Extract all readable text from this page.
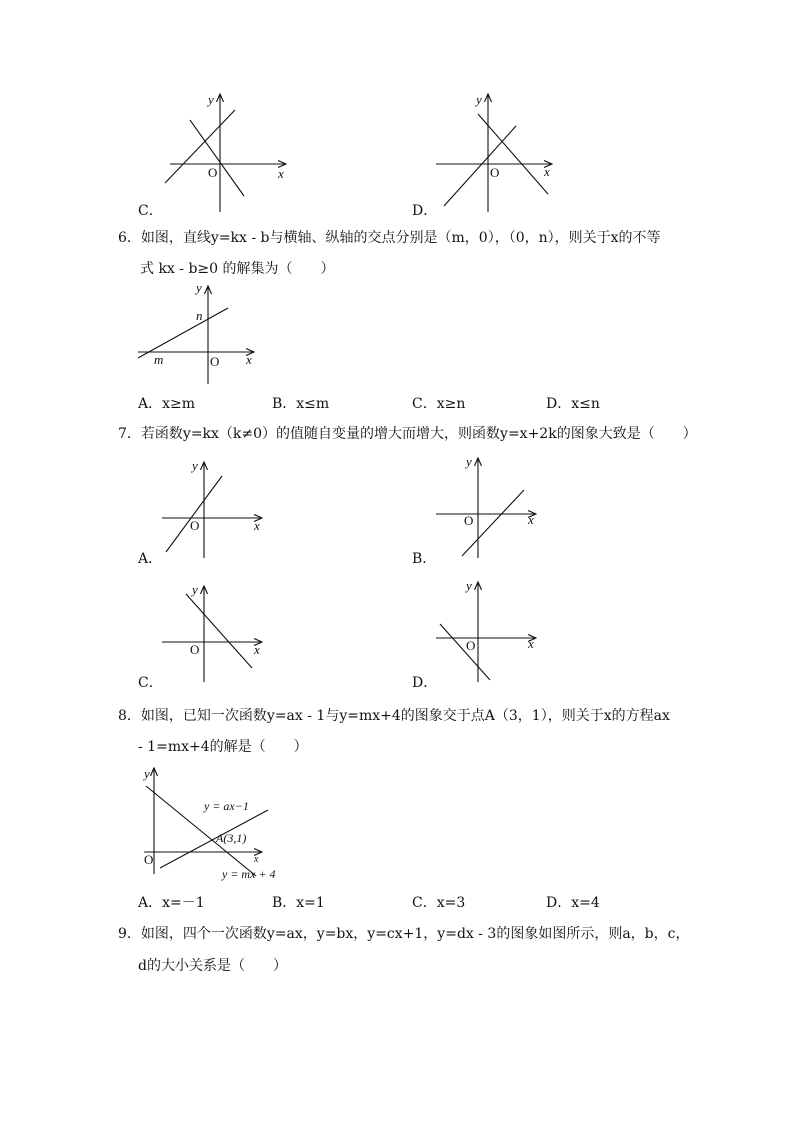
y
x
O
C．
y
x
O
D．
6．如图，直线y=kx - b与横轴、纵轴的交点分别是（m，0），（0，n），则关于x的不等
式 kx - b≥0 的解集为（　　）
y
x
n
m	O
A．x≥m	B．x≤m	C．x≥n	D．x≤n
7．若函数y=kx（k≠0）的值随自变量的增大而增大，则函数y=x+2k的图象大致是（　　）
y
x
O
A．
y
x
O
B．
y
x
O
C．
y
x
O
D．
8．如图，已知一次函数y=ax - 1与y=mx+4的图象交于点A（3，1），则关于x的方程ax
- 1=mx+4的解是（　　）
y
x
O
y = ax−1
A(3,1)
y = mx + 4
A．x=－1	B．x=1	C．x=3	D．x=4
9．如图，四个一次函数y=ax，y=bx，y=cx+1，y=dx - 3的图象如图所示，则a，b，c，
d的大小关系是（　　）
